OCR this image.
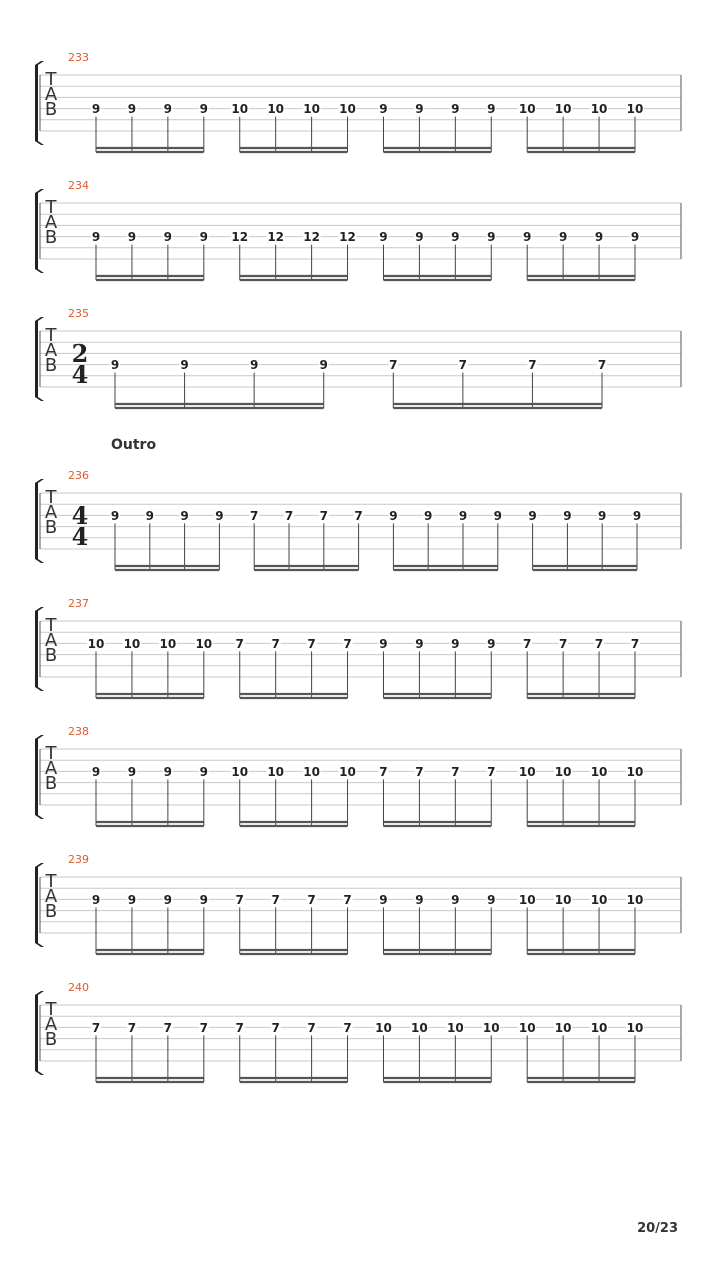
Outro
20/23
233
T
A
B	9 9 9 9 10 10 10 10 9 9 9 9 10 10 10 10
234
T
A
B	9 9 9 9 12 12 12 12 9 9 9 9 9 9 9 9
235
T
A
B 2
4 9	9	9	9	7	7	7	7
236
T
A
B 4
4
9 9 9 9 7 7 7 7 9 9 9 9 9 9 9 9
237
T
A
B
10 10 10 10 7 7 7 7 9 9 9 9 7 7 7 7
238
T
A
B
9 9 9 9 10 10 10 10 7 7 7 7 10 10 10 10
239
T
A
B
9 9 9 9 7 7 7 7 9 9 9 9 10 10 10 10
240
T
A
B
7 7 7 7 7 7 7 7 10 10 10 10 10 10 10 10
